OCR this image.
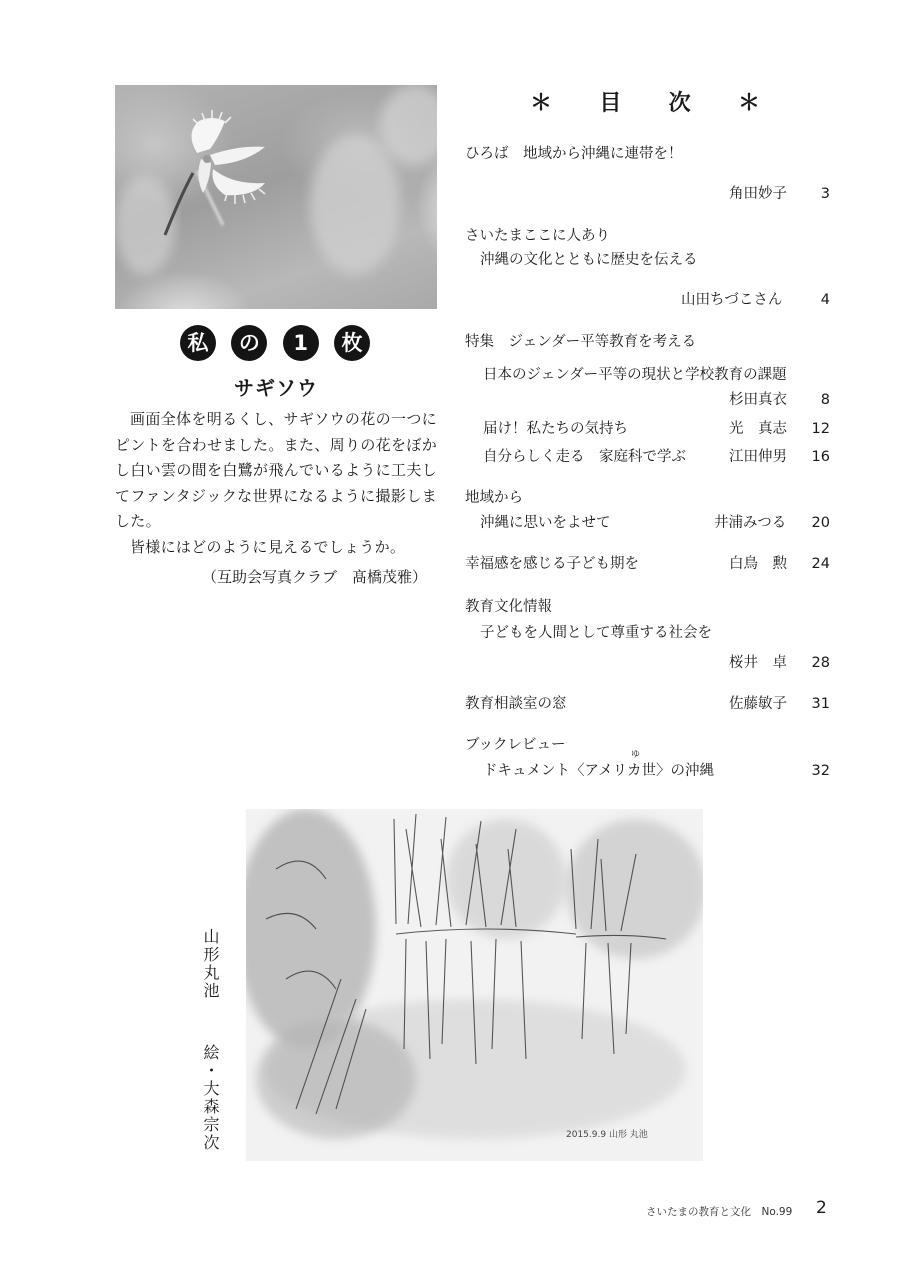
私	の	1	枚
サギソウ

画面全体を明るくし、サギソウの花の一つにピントを合わせました。また、周りの花をぼかし白い雲の間を白鷺が飛んでいるように工夫してファンタジックな世界になるように撮影しました。

皆様にはどのように見えるでしょうか。

（互助会写真クラブ　髙橋茂雅）
＊ 目 次 ＊
ひろば　地域から沖縄に連帯を！
角田妙子	3
さいたまここに人あり
沖縄の文化とともに歴史を伝える
山田ちづこさん	4
特集　ジェンダー平等教育を考える
日本のジェンダー平等の現状と学校教育の課題
杉田真衣	8
届け！私たちの気持ち	光　真志	12
自分らしく走る　家庭科で学ぶ	江田伸男	16
地域から
沖縄に思いをよせて	井浦みつる	20
幸福感を感じる子ども期を	白鳥　勲	24
教育文化情報
子どもを人間として尊重する社会を
桜井　卓	28
教育相談室の窓	佐藤敏子	31
ブックレビュー
ゆ
ドキュメント〈アメリカ世〉の沖縄	32
山形丸池
絵・大森宗次	2015.9.9 山形 丸池
さいたまの教育と文化　No.99 2
